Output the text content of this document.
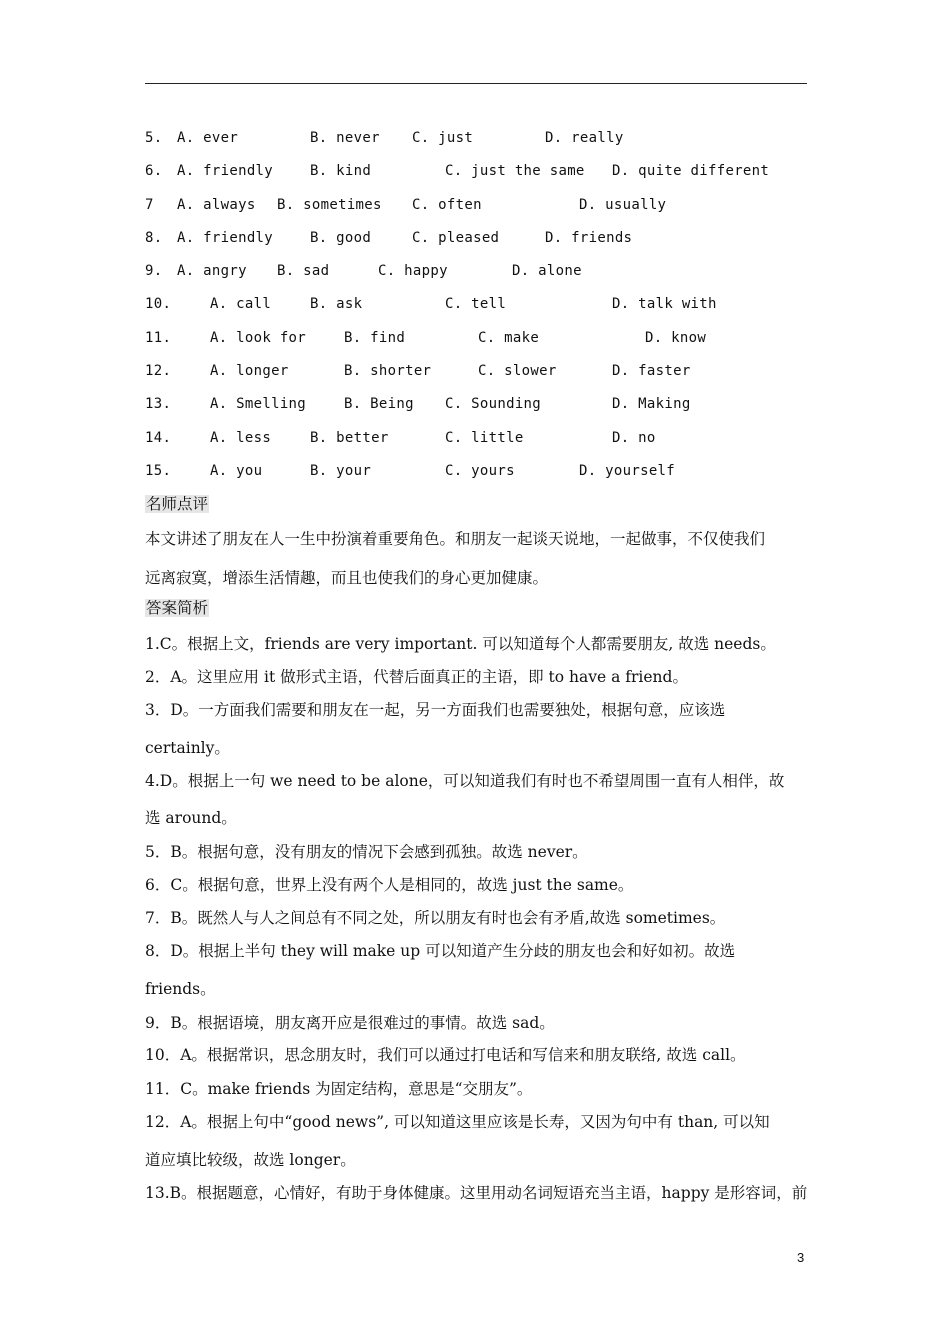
5. A. ever	B. never C. just	D. really
6. A. friendly	B. kind	C. just the same D. quite different
7 A. always B. sometimes C. often	D. usually
8. A. friendly	B. good	C. pleased	D. friends
9. A. angry B. sad	C. happy	D. alone
10.	A. call	B. ask	C. tell	D. talk with
11.	A. look for	B. find	C. make	D. know
12.	A. longer	B. shorter	C. slower	D. faster
13.	A. Smelling	B. Being C. Sounding	D. Making
14.	A. less	B. better	C. little	D. no
15.	A. you	B. your	C. yours	D. yourself
名师点评
本文讲述了朋友在人一生中扮演着重要角色。和朋友一起谈天说地，一起做事，不仅使我们
远离寂寞，增添生活情趣，而且也使我们的身心更加健康。
答案简析
1.C。根据上文，friends are very important. 可以知道每个人都需要朋友, 故选 needs。
2．A。这里应用 it 做形式主语，代替后面真正的主语，即 to have a friend。
3．D。一方面我们需要和朋友在一起，另一方面我们也需要独处，根据句意，应该选
certainly。
4.D。根据上一句 we need to be alone，可以知道我们有时也不希望周围一直有人相伴，故
选 around。
5．B。根据句意，没有朋友的情况下会感到孤独。故选 never。
6．C。根据句意，世界上没有两个人是相同的，故选 just the same。
7．B。既然人与人之间总有不同之处，所以朋友有时也会有矛盾,故选 sometimes。
8．D。根据上半句 they will make up 可以知道产生分歧的朋友也会和好如初。故选
friends。
9．B。根据语境，朋友离开应是很难过的事情。故选 sad。
10．A。根据常识，思念朋友时，我们可以通过打电话和写信来和朋友联络, 故选 call。
11．C。make friends 为固定结构，意思是“交朋友”。
12．A。根据上句中“good news”, 可以知道这里应该是长寿，又因为句中有 than, 可以知
道应填比较级，故选 longer。
13.B。根据题意，心情好，有助于身体健康。这里用动名词短语充当主语，happy 是形容词，前
3
